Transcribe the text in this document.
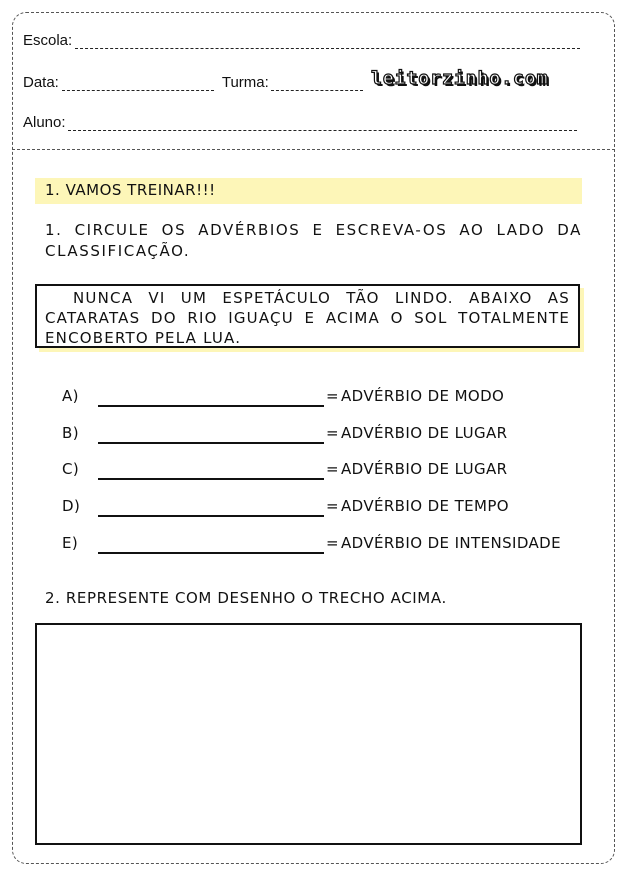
Escola:
Data:	Turma:	leitorzinho.com
Aluno:
1. VAMOS TREINAR!!!
1. CIRCULE OS ADVÉRBIOS E ESCREVA-OS AO LADO DA CLASSIFICAÇÃO.
NUNCA VI UM ESPETÁCULO TÃO LINDO. ABAIXO AS CATARATAS DO RIO IGUAÇU E ACIMA O SOL TOTALMENTE ENCOBERTO PELA LUA.
A)	= ADVÉRBIO DE MODO
B)	= ADVÉRBIO DE LUGAR
C)	= ADVÉRBIO DE LUGAR
D)	= ADVÉRBIO DE TEMPO
E)	= ADVÉRBIO DE INTENSIDADE
2. REPRESENTE COM DESENHO O TRECHO ACIMA.
